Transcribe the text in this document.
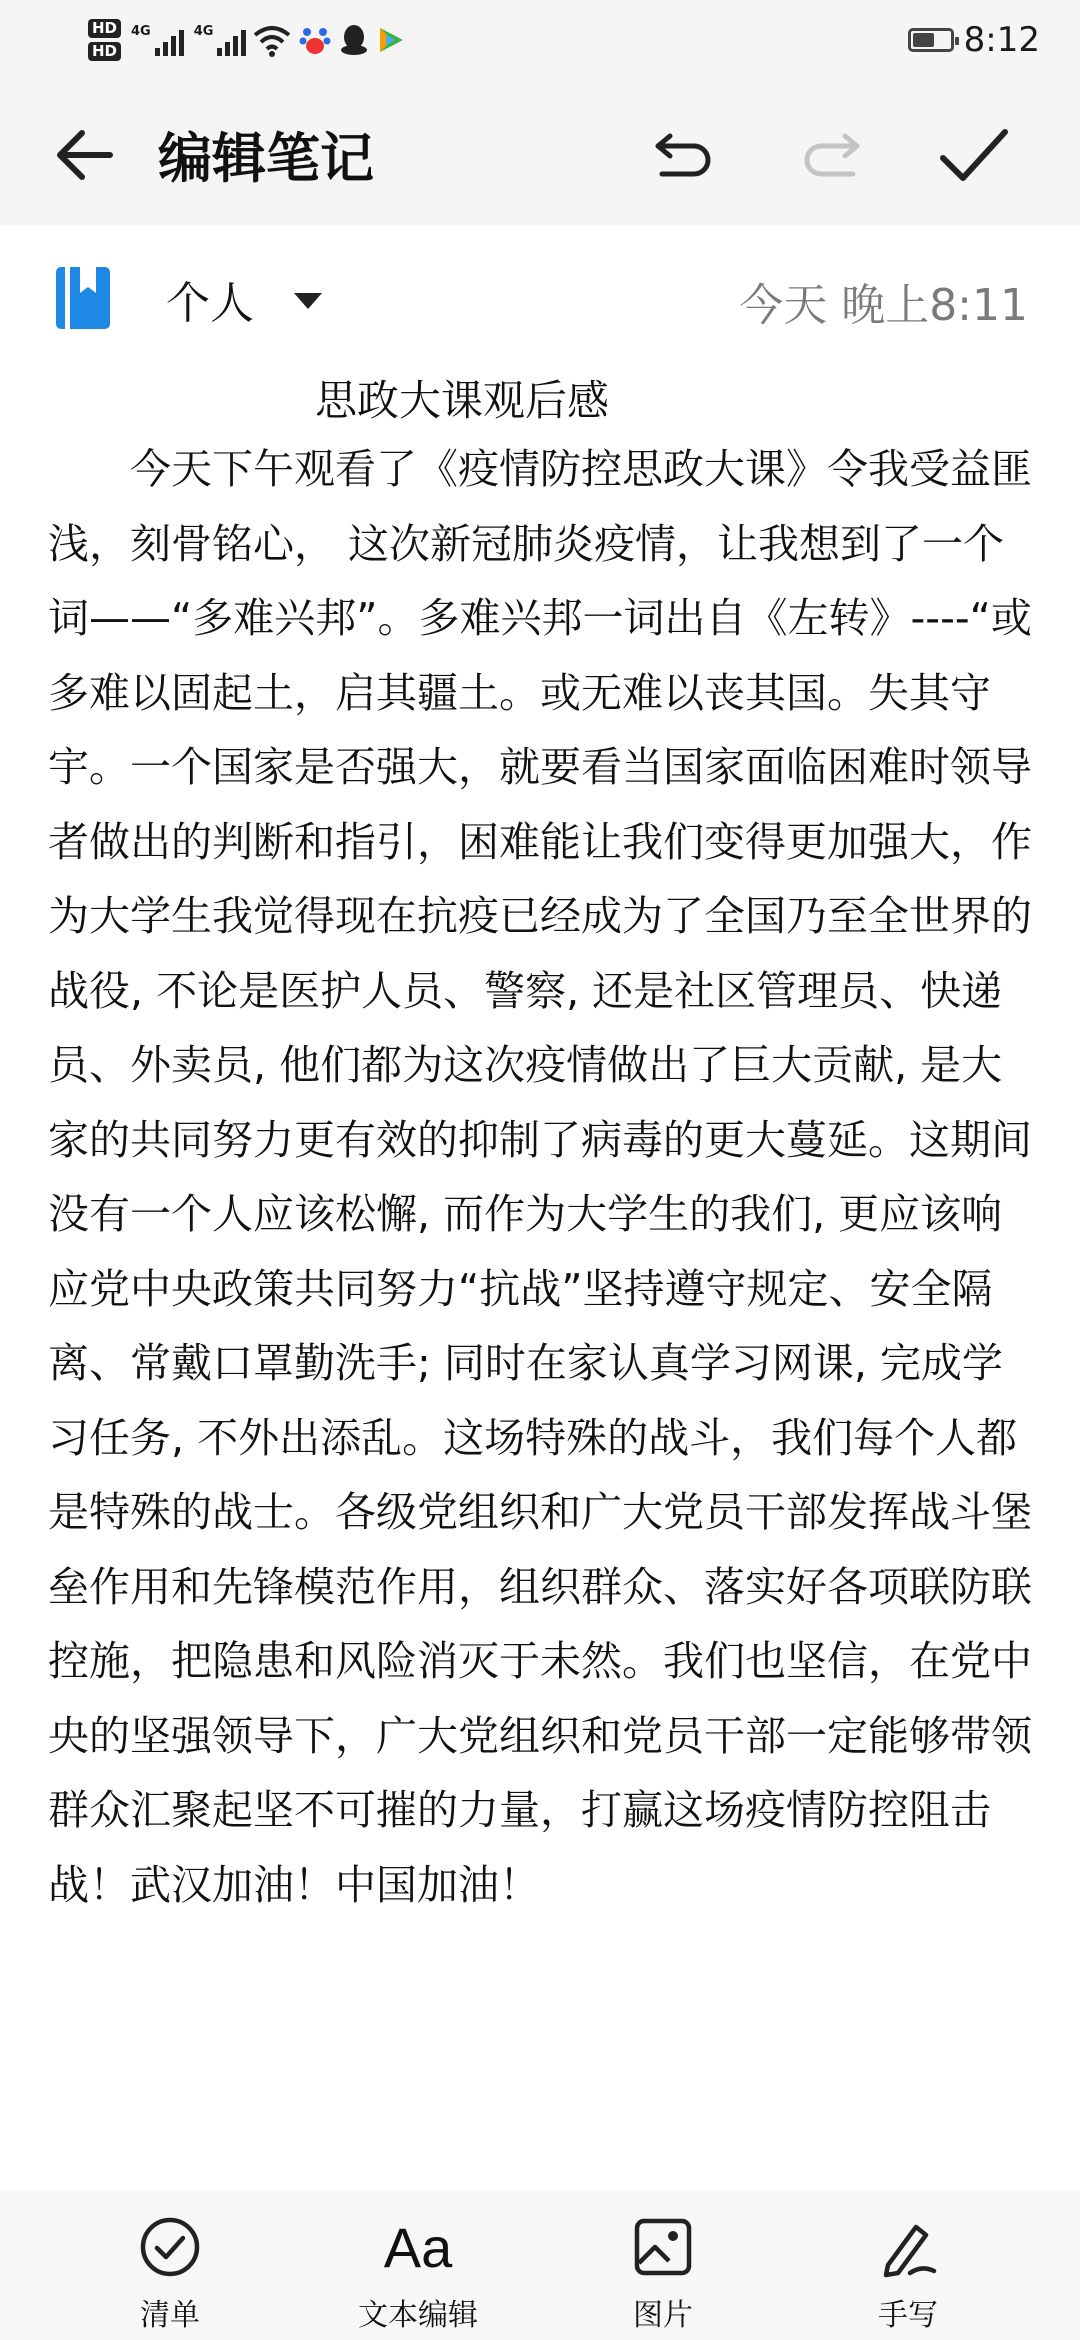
HD
HD
4G	4G	8:12
编辑笔记
个人	今天 晚上8:11
思政大课观后感

今天下午观看了《疫情防控思政大课》令我受益匪浅，刻骨铭心， 这次新冠肺炎疫情，让我想到了一个词——“多难兴邦”。多难兴邦一词出自《左转》----“或多难以固起土，启其疆土。或无难以丧其国。失其守宇。一个国家是否强大，就要看当国家面临困难时领导者做出的判断和指引，困难能让我们变得更加强大，作为大学生我觉得现在抗疫已经成为了全国乃至全世界的战役, 不论是医护人员、警察, 还是社区管理员、快递员、外卖员, 他们都为这次疫情做出了巨大贡献, 是大家的共同努力更有效的抑制了病毒的更大蔓延。这期间没有一个人应该松懈, 而作为大学生的我们, 更应该响应党中央政策共同努力“抗战”坚持遵守规定、安全隔离、常戴口罩勤洗手; 同时在家认真学习网课, 完成学习任务, 不外出添乱。这场特殊的战斗，我们每个人都是特殊的战士。各级党组织和广大党员干部发挥战斗堡垒作用和先锋模范作用，组织群众、落实好各项联防联控施，把隐患和风险消灭于未然。我们也坚信，在党中央的坚强领导下，广大党组织和党员干部一定能够带领群众汇聚起坚不可摧的力量，打赢这场疫情防控阻击战！武汉加油！中国加油！

清单
Aa
文本编辑	图片	手写
